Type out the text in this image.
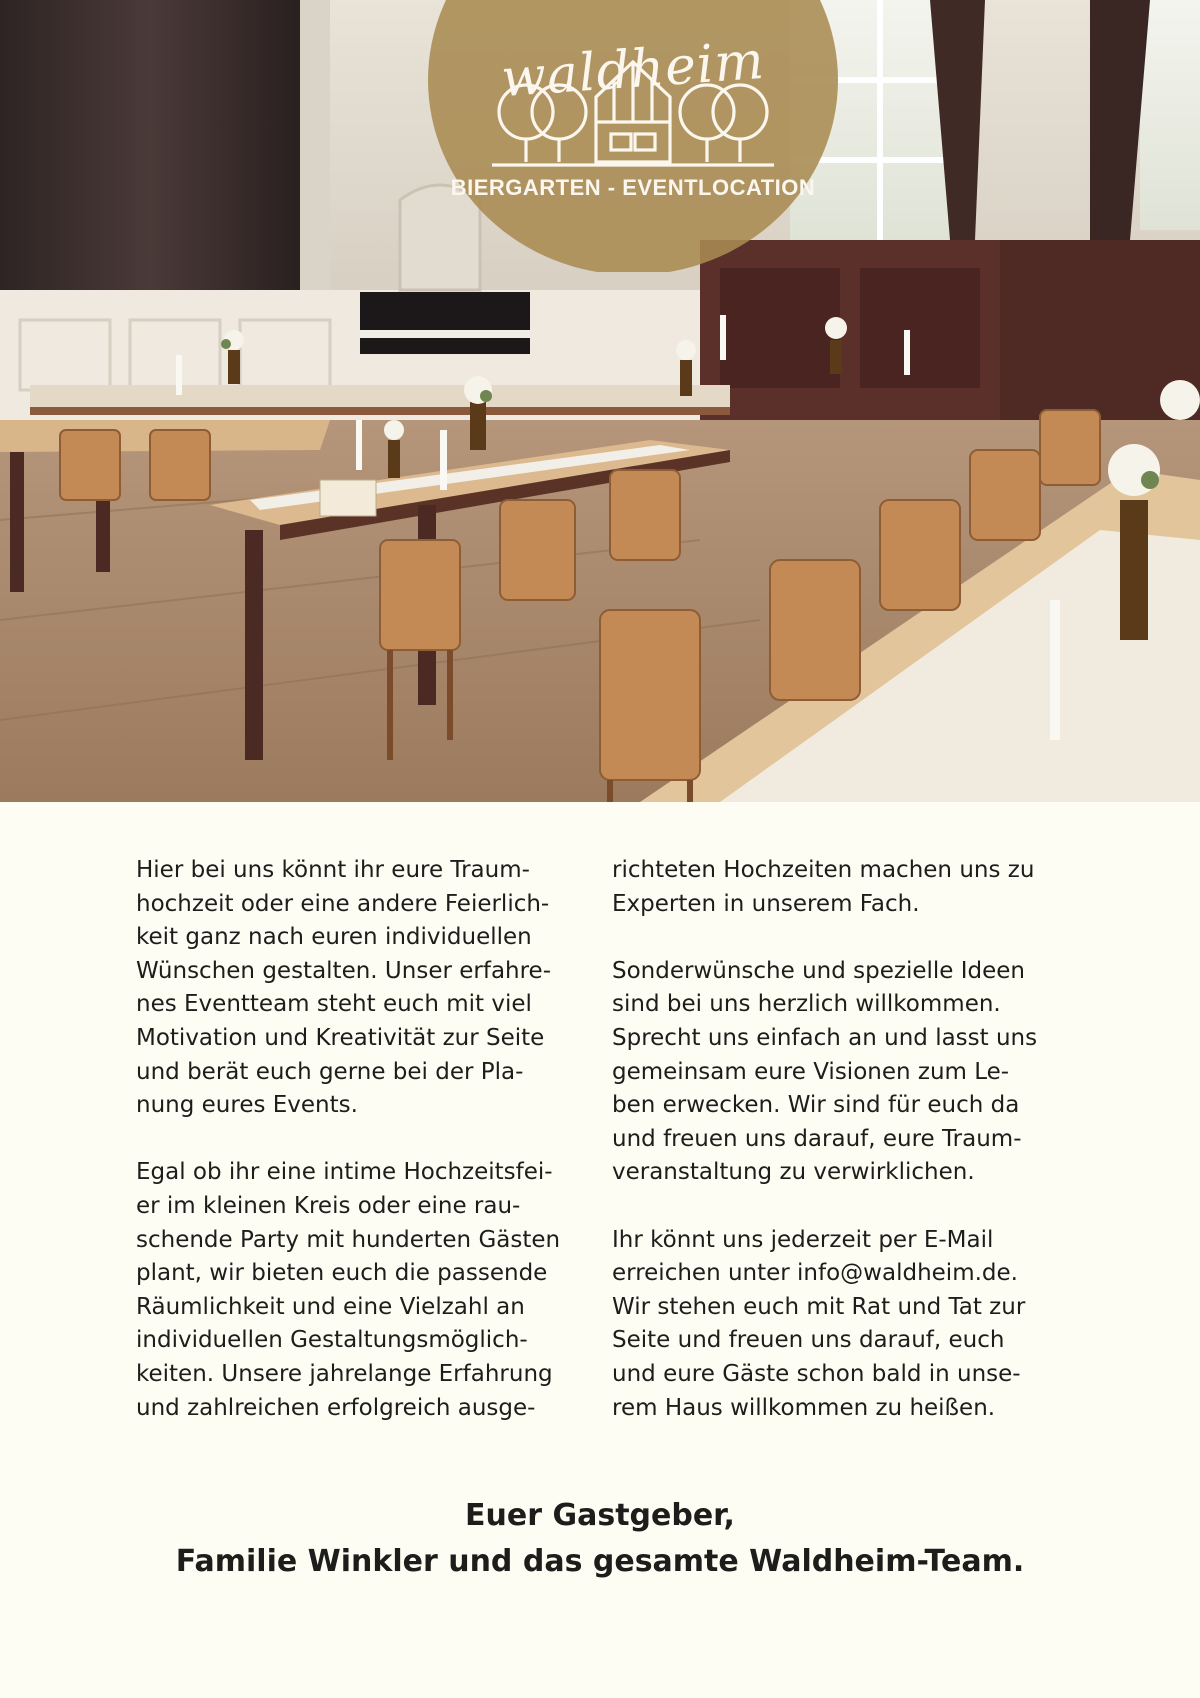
waldheim
BIERGARTEN - EVENTLOCATION

Hier bei uns könnt ihr eure Traum-
hochzeit oder eine andere Feierlich-
keit ganz nach euren individuellen
Wünschen gestalten. Unser erfahre-
nes Eventteam steht euch mit viel
Motivation und Kreativität zur Seite
und berät euch gerne bei der Pla-
nung eures Events.

Egal ob ihr eine intime Hochzeitsfei-
er im kleinen Kreis oder eine rau-
schende Party mit hunderten Gästen
plant, wir bieten euch die passende
Räumlichkeit und eine Vielzahl an
individuellen Gestaltungsmöglich-
keiten. Unsere jahrelange Erfahrung
und zahlreichen erfolgreich ausge-

richteten Hochzeiten machen uns zu
Experten in unserem Fach.

Sonderwünsche und spezielle Ideen
sind bei uns herzlich willkommen.
Sprecht uns einfach an und lasst uns
gemeinsam eure Visionen zum Le-
ben erwecken. Wir sind für euch da
und freuen uns darauf, eure Traum-
veranstaltung zu verwirklichen.

Ihr könnt uns jederzeit per E-Mail
erreichen unter info@waldheim.de.
Wir stehen euch mit Rat und Tat zur
Seite und freuen uns darauf, euch
und eure Gäste schon bald in unse-
rem Haus willkommen zu heißen.

Euer Gastgeber,
Familie Winkler und das gesamte Waldheim-Team.
